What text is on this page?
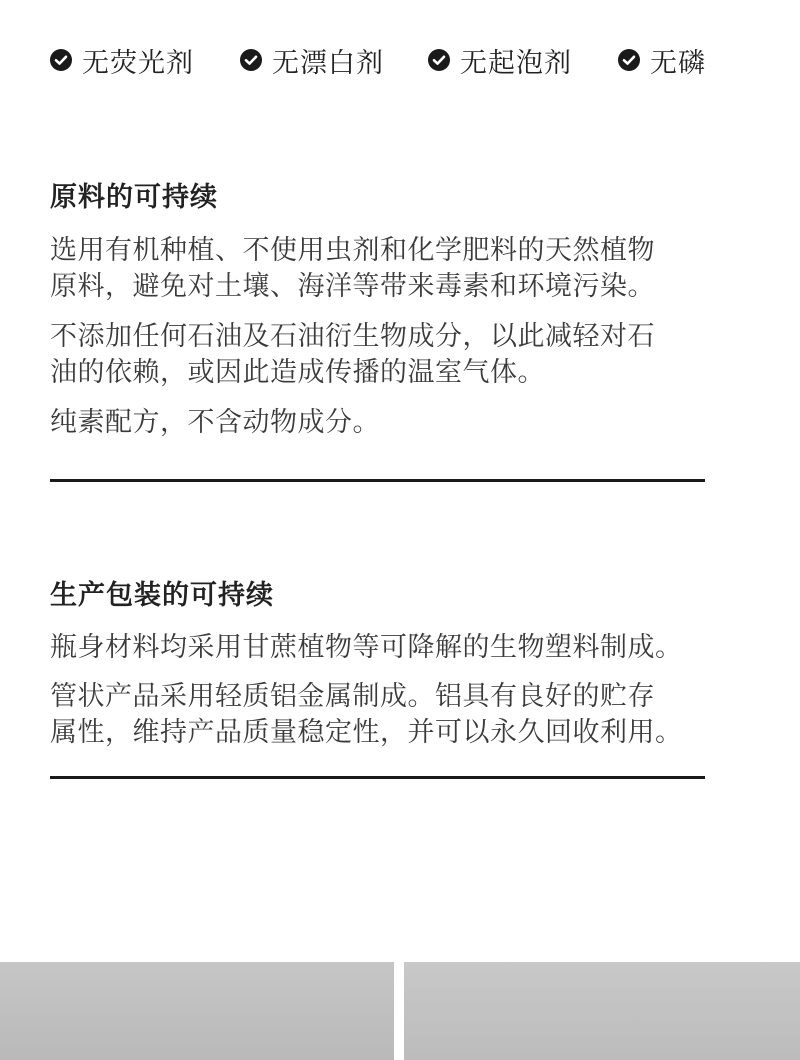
无荧光剂	无漂白剂	无起泡剂	无磷
原料的可持续

选用有机种植、不使用虫剂和化学肥料的天然植物
原料，避免对土壤、海洋等带来毒素和环境污染。

不添加任何石油及石油衍生物成分，以此减轻对石
油的依赖，或因此造成传播的温室气体。

纯素配方，不含动物成分。

生产包装的可持续

瓶身材料均采用甘蔗植物等可降解的生物塑料制成。

管状产品采用轻质铝金属制成。铝具有良好的贮存
属性，维持产品质量稳定性，并可以永久回收利用。
